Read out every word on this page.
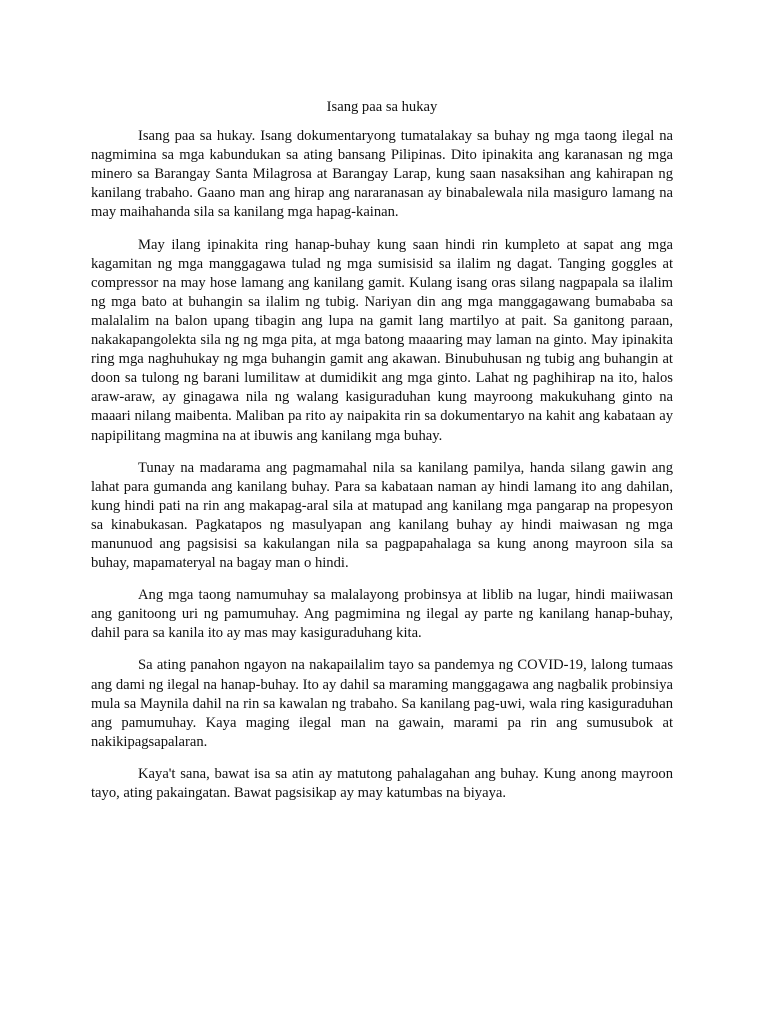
Isang paa sa hukay

Isang paa sa hukay. Isang dokumentaryong tumatalakay sa buhay ng mga taong ilegal na nagmimina sa mga kabundukan sa ating bansang Pilipinas. Dito ipinakita ang karanasan ng mga minero sa Barangay Santa Milagrosa at Barangay Larap, kung saan nasaksihan ang kahirapan ng kanilang trabaho. Gaano man ang hirap ang nararanasan ay binabalewala nila masiguro lamang na may maihahanda sila sa kanilang mga hapag-kainan.

May ilang ipinakita ring hanap-buhay kung saan hindi rin kumpleto at sapat ang mga kagamitan ng mga manggagawa tulad ng mga sumisisid sa ilalim ng dagat. Tanging goggles at compressor na may hose lamang ang kanilang gamit. Kulang isang oras silang nagpapala sa ilalim ng mga bato at buhangin sa ilalim ng tubig. Nariyan din ang mga manggagawang bumababa sa malalalim na balon upang tibagin ang lupa na gamit lang martilyo at pait. Sa ganitong paraan, nakakapangolekta sila ng ng mga pita, at mga batong maaaring may laman na ginto. May ipinakita ring mga naghuhukay ng mga buhangin gamit ang akawan. Binubuhusan ng tubig ang buhangin at doon sa tulong ng barani lumilitaw at dumidikit ang mga ginto. Lahat ng paghihirap na ito, halos araw-araw, ay ginagawa nila ng walang kasiguraduhan kung mayroong makukuhang ginto na maaari nilang maibenta. Maliban pa rito ay naipakita rin sa dokumentaryo na kahit ang kabataan ay napipilitang magmina na at ibuwis ang kanilang mga buhay.

Tunay na madarama ang pagmamahal nila sa kanilang pamilya, handa silang gawin ang lahat para gumanda ang kanilang buhay. Para sa kabataan naman ay hindi lamang ito ang dahilan, kung hindi pati na rin ang makapag-aral sila at matupad ang kanilang mga pangarap na propesyon sa kinabukasan. Pagkatapos ng masulyapan ang kanilang buhay ay hindi maiwasan ng mga manunuod ang pagsisisi sa kakulangan nila sa pagpapahalaga sa kung anong mayroon sila sa buhay, mapamateryal na bagay man o hindi.

Ang mga taong namumuhay sa malalayong probinsya at liblib na lugar, hindi maiiwasan ang ganitoong uri ng pamumuhay. Ang pagmimina ng ilegal ay parte ng kanilang hanap-buhay, dahil para sa kanila ito ay mas may kasiguraduhang kita.

Sa ating panahon ngayon na nakapailalim tayo sa pandemya ng COVID-19, lalong tumaas ang dami ng ilegal na hanap-buhay. Ito ay dahil sa maraming manggagawa ang nagbalik probinsiya mula sa Maynila dahil na rin sa kawalan ng trabaho. Sa kanilang pag-uwi, wala ring kasiguraduhan ang pamumuhay. Kaya maging ilegal man na gawain, marami pa rin ang sumusubok at nakikipagsapalaran.

Kaya't sana, bawat isa sa atin ay matutong pahalagahan ang buhay. Kung anong mayroon tayo, ating pakaingatan. Bawat pagsisikap ay may katumbas na biyaya.
